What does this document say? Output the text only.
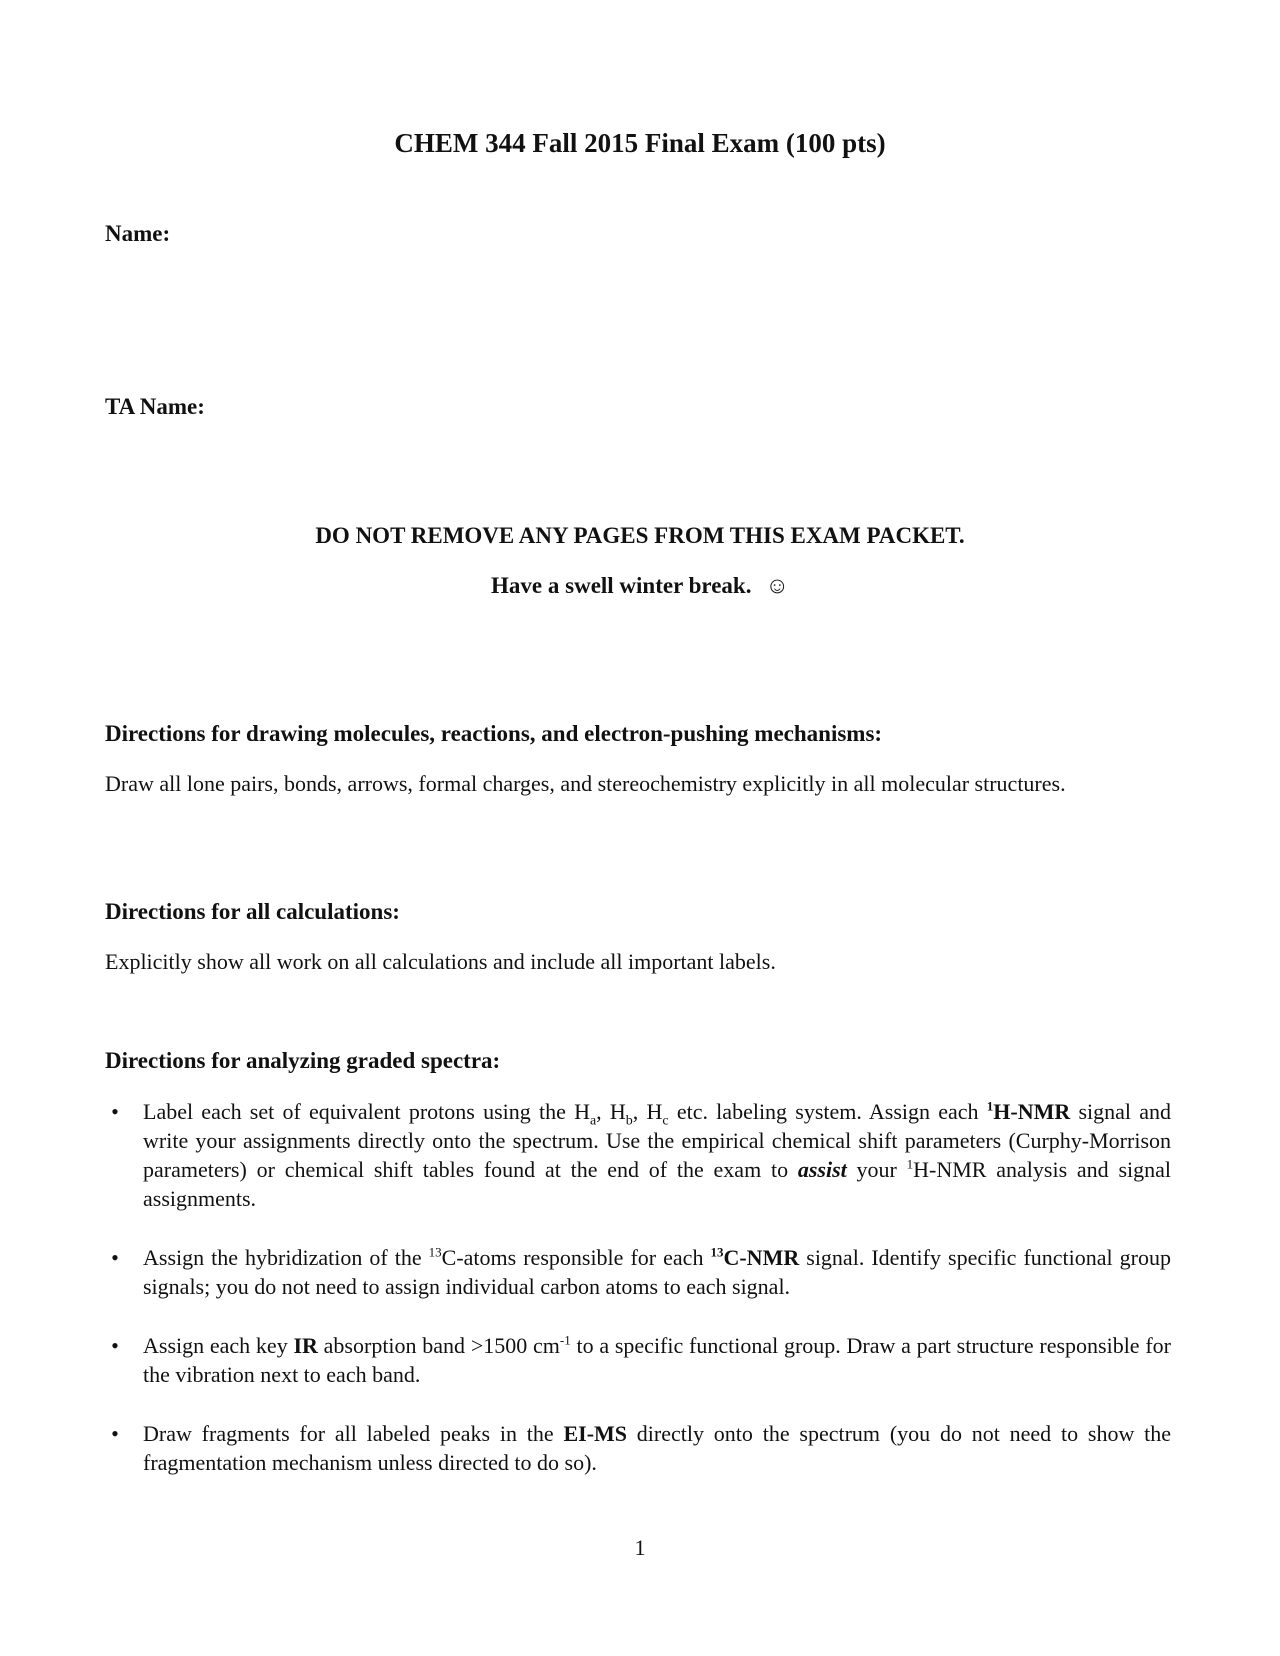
CHEM 344 Fall 2015 Final Exam (100 pts)
Name:
TA Name:
DO NOT REMOVE ANY PAGES FROM THIS EXAM PACKET.
Have a swell winter break. ☺
Directions for drawing molecules, reactions, and electron-pushing mechanisms:
Draw all lone pairs, bonds, arrows, formal charges, and stereochemistry explicitly in all molecular structures.
Directions for all calculations:
Explicitly show all work on all calculations and include all important labels.
Directions for analyzing graded spectra:
• Label each set of equivalent protons using the $H_a$, $H_b$, $H_c$ etc. labeling system. Assign each $^1$H-NMR signal and write your assignments directly onto the spectrum. Use the empirical chemical shift parameters (Curphy-Morrison parameters) or chemical shift tables found at the end of the exam to assist your $^1$H-NMR analysis and signal assignments.
• Assign the hybridization of the $^{13}$C-atoms responsible for each $^{13}$C-NMR signal. Identify specific functional group signals; you do not need to assign individual carbon atoms to each signal.
• Assign each key IR absorption band >1500 $cm^{-1}$ to a specific functional group. Draw a part structure responsible for the vibration next to each band.
• Draw fragments for all labeled peaks in the EI-MS directly onto the spectrum (you do not need to show the fragmentation mechanism unless directed to do so).
1
